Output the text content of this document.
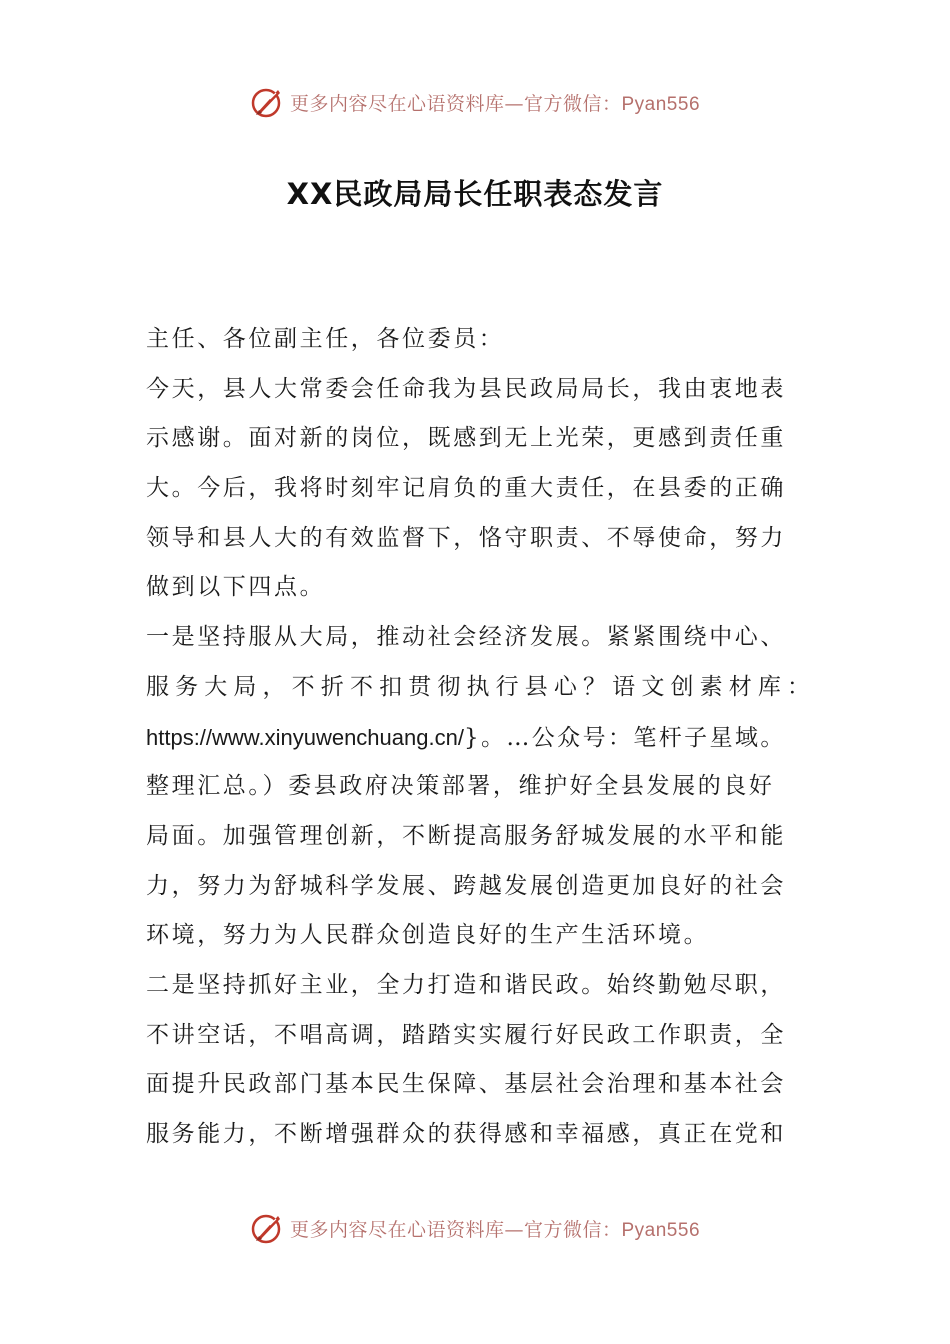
更多内容尽在心语资料库—官方微信：Pyan556
XX民政局局长任职表态发言
主任、各位副主任，各位委员：
今天，县人大常委会任命我为县民政局局长，我由衷地表
示感谢。面对新的岗位，既感到无上光荣，更感到责任重
大。今后，我将时刻牢记肩负的重大责任，在县委的正确
领导和县人大的有效监督下，恪守职责、不辱使命，努力
做到以下四点。
一是坚持服从大局，推动社会经济发展。紧紧围绕中心、
服务大局，不折不扣贯彻执行县心？语文创素材库：
https://www.xinyuwenchuang.cn/}。…公众号：笔杆子星域。
整理汇总。）委县政府决策部署，维护好全县发展的良好
局面。加强管理创新，不断提高服务舒城发展的水平和能
力，努力为舒城科学发展、跨越发展创造更加良好的社会
环境，努力为人民群众创造良好的生产生活环境。
二是坚持抓好主业，全力打造和谐民政。始终勤勉尽职，
不讲空话，不唱高调，踏踏实实履行好民政工作职责，全
面提升民政部门基本民生保障、基层社会治理和基本社会
服务能力，不断增强群众的获得感和幸福感，真正在党和
更多内容尽在心语资料库—官方微信：Pyan556
